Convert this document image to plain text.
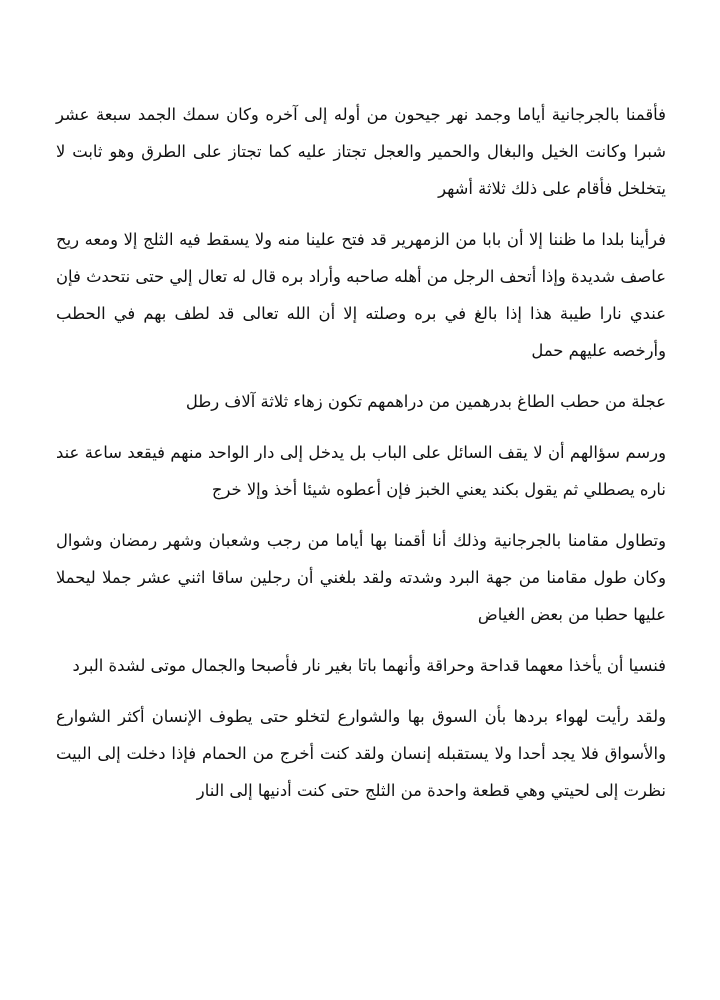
فأقمنا بالجرجانية أياما وجمد نهر جيحون من أوله إلى آخره وكان سمك الجمد سبعة عشر شبرا وكانت الخيل والبغال والحمير والعجل تجتاز عليه كما تجتاز على الطرق وهو ثابت لا يتخلخل فأقام على ذلك ثلاثة أشهر

فرأينا بلدا ما ظننا إلا أن بابا من الزمهرير قد فتح علينا منه ولا يسقط فيه الثلج إلا ومعه ريح عاصف شديدة وإذا أتحف الرجل من أهله صاحبه وأراد بره قال له تعال إلي حتى نتحدث فإن عندي نارا طيبة هذا إذا بالغ في بره وصلته إلا أن الله تعالى قد لطف بهم في الحطب وأرخصه عليهم حمل

عجلة من حطب الطاغ بدرهمين من دراهمهم تكون زهاء ثلاثة آلاف رطل

ورسم سؤالهم أن لا يقف السائل على الباب بل يدخل إلى دار الواحد منهم فيقعد ساعة عند ناره يصطلي ثم يقول بكند يعني الخبز فإن أعطوه شيئا أخذ وإلا خرج

وتطاول مقامنا بالجرجانية وذلك أنا أقمنا بها أياما من رجب وشعبان وشهر رمضان وشوال وكان طول مقامنا من جهة البرد وشدته ولقد بلغني أن رجلين ساقا اثني عشر جملا ليحملا عليها حطبا من بعض الغياض

فنسيا أن يأخذا معهما قداحة وحراقة وأنهما باتا بغير نار فأصبحا والجمال موتى لشدة البرد

ولقد رأيت لهواء بردها بأن السوق بها والشوارع لتخلو حتى يطوف الإنسان أكثر الشوارع والأسواق فلا يجد أحدا ولا يستقبله إنسان ولقد كنت أخرج من الحمام فإذا دخلت إلى البيت نظرت إلى لحيتي وهي قطعة واحدة من الثلج حتى كنت أدنيها إلى النار
